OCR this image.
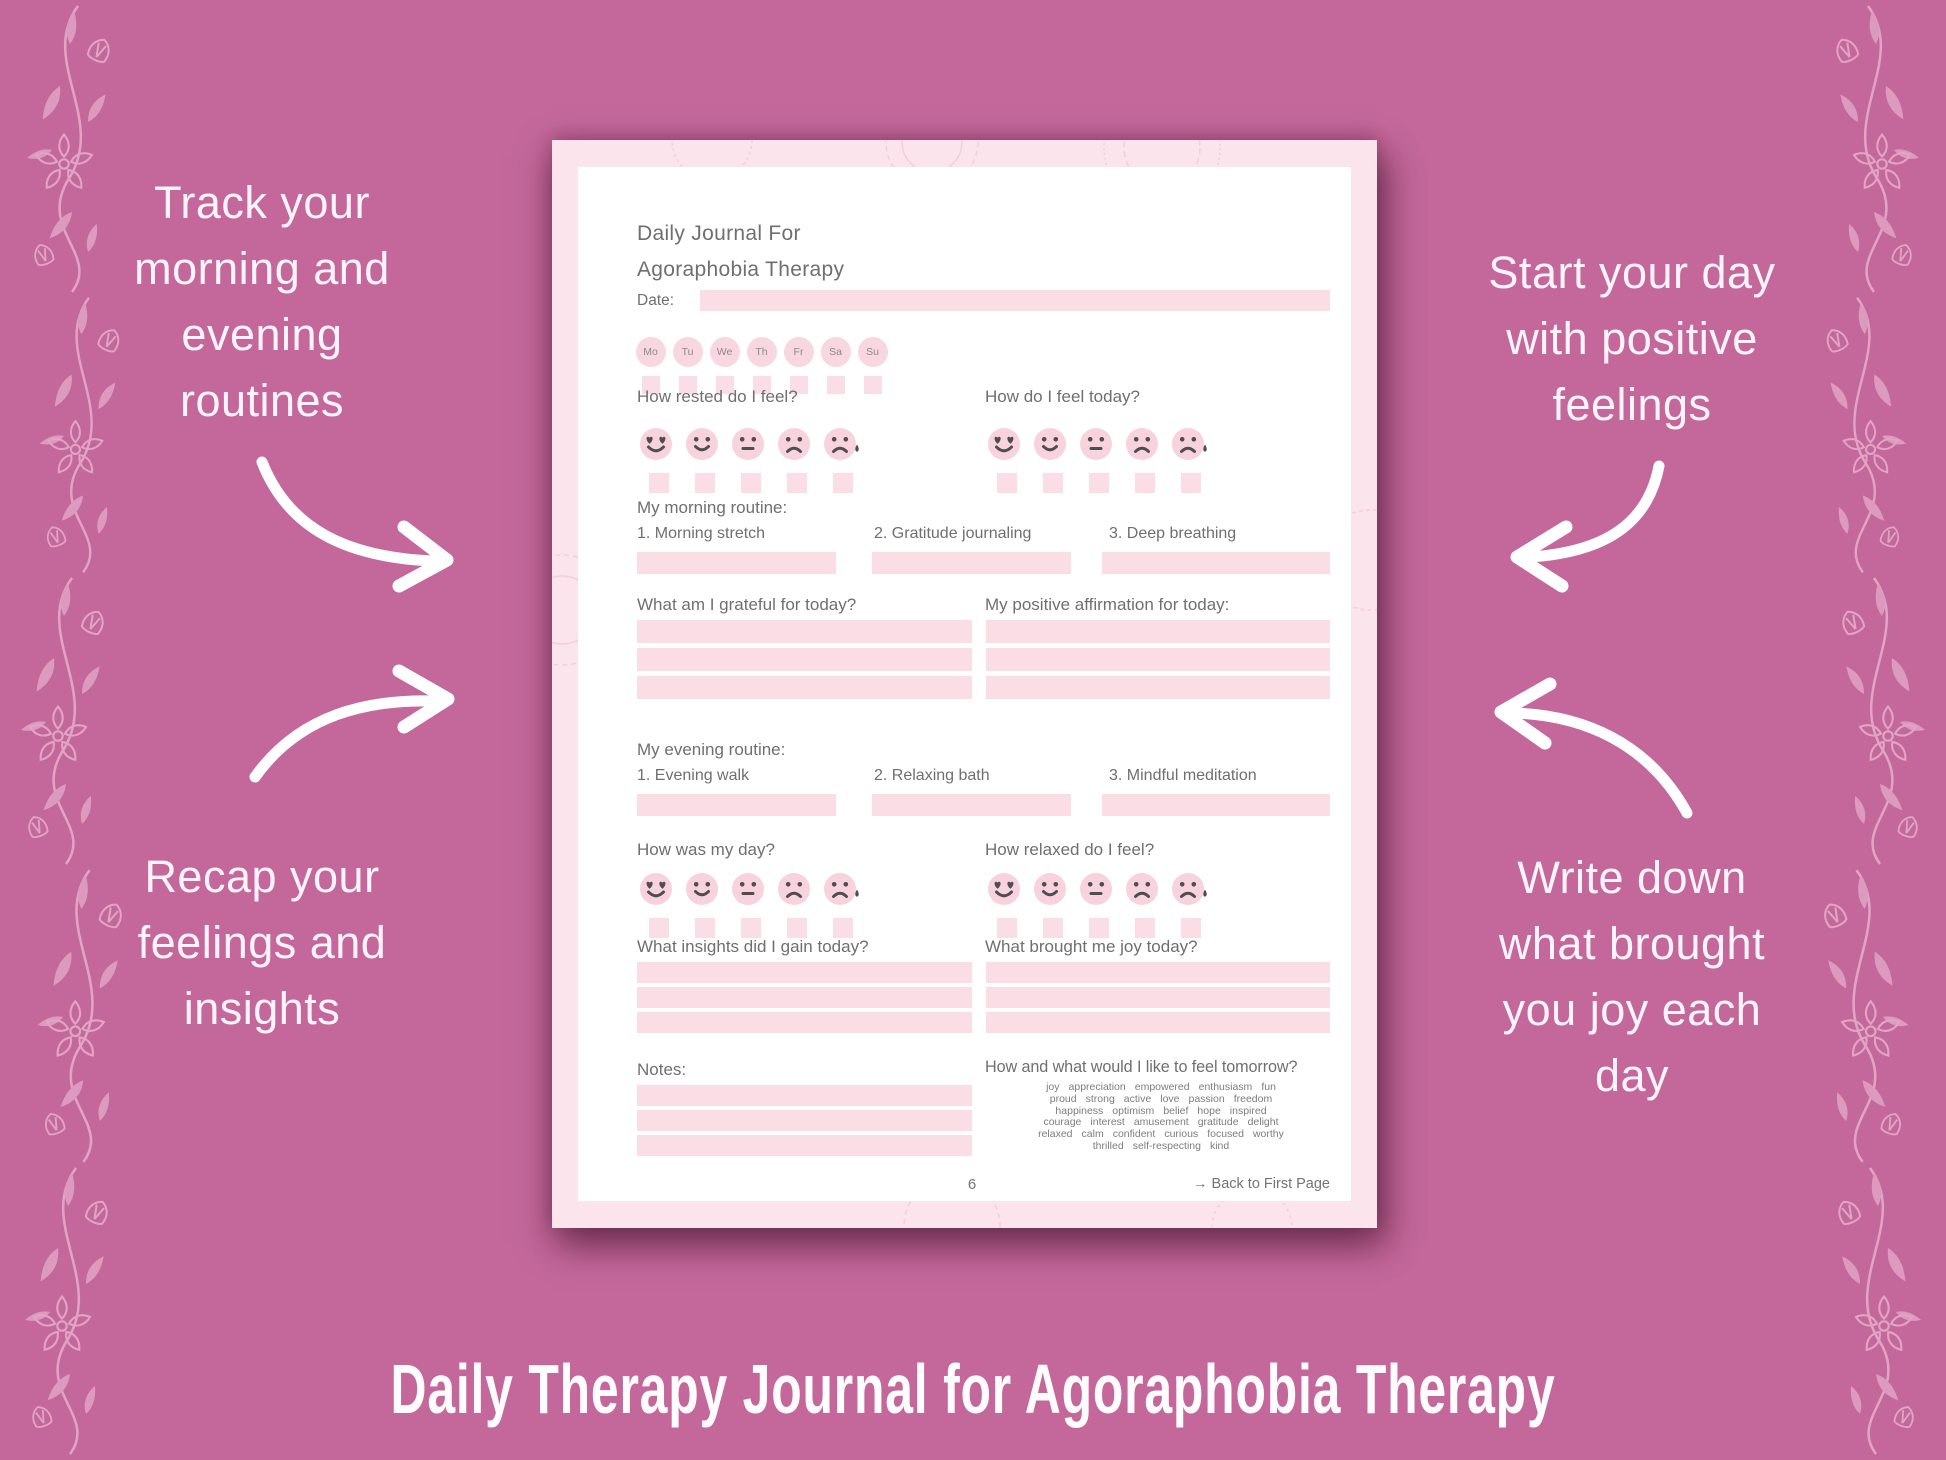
Track your
morning and
evening
routines
Start your day
with positive
feelings
Recap your
feelings and
insights
Write down
what brought
you joy each
day
Daily Journal For
Agoraphobia Therapy
Date:
Mo	Tu	We	Th	Fr	Sa	Su
How rested do I feel?	How do I feel today?
My morning routine:
1. Morning stretch	2. Gratitude journaling	3. Deep breathing
What am I grateful for today?	My positive affirmation for today:
My evening routine:
1. Evening walk	2. Relaxing bath	3. Mindful meditation
How was my day?	How relaxed do I feel?
What insights did I gain today?	What brought me joy today?
Notes:	How and what would I like to feel tomorrow?
joy appreciation empowered enthusiasm fun
proud strong active love passion freedom
happiness optimism belief hope inspired
courage interest amusement gratitude delight
relaxed calm confident curious focused worthy
thrilled self-respecting kind
6	→ Back to First Page
Daily Therapy Journal for Agoraphobia Therapy
